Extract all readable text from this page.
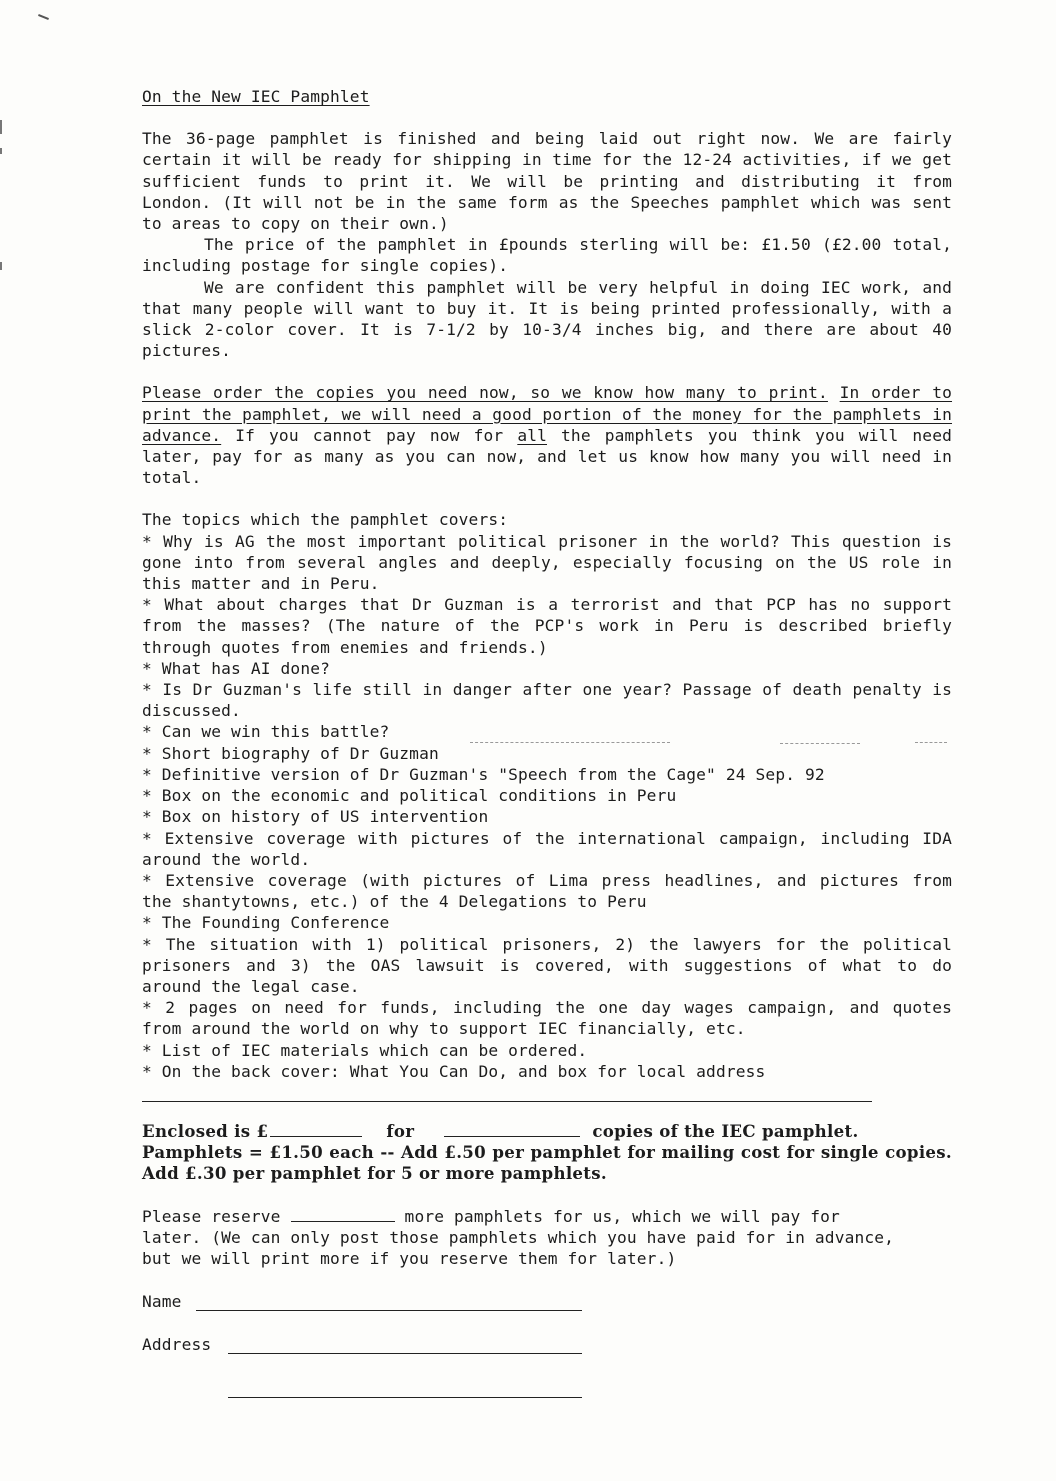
On the New IEC Pamphlet

The 36-page pamphlet is finished and being laid out right now. We are fairly certain it will be ready for shipping in time for the 12-24 activities, if we get sufficient funds to print it. We will be printing and distributing it from London. (It will not be in the same form as the Speeches pamphlet which was sent to areas to copy on their own.)

The price of the pamphlet in £pounds sterling will be: £1.50 (£2.00 total, including postage for single copies).

We are confident this pamphlet will be very helpful in doing IEC work, and that many people will want to buy it. It is being printed professionally, with a slick 2-color cover. It is 7-1/2 by 10-3/4 inches big, and there are about 40 pictures.

Please order the copies you need now, so we know how many to print. In order to print the pamphlet, we will need a good portion of the money for the pamphlets in advance. If you cannot pay now for all the pamphlets you think you will need later, pay for as many as you can now, and let us know how many you will need in total.

The topics which the pamphlet covers:

* Why is AG the most important political prisoner in the world? This question is gone into from several angles and deeply, especially focusing on the US role in this matter and in Peru.

* What about charges that Dr Guzman is a terrorist and that PCP has no support from the masses? (The nature of the PCP's work in Peru is described briefly through quotes from enemies and friends.)

* What has AI done?

* Is Dr Guzman's life still in danger after one year? Passage of death penalty is discussed.

* Can we win this battle?

* Short biography of Dr Guzman

* Definitive version of Dr Guzman's "Speech from the Cage" 24 Sep. 92

* Box on the economic and political conditions in Peru

* Box on history of US intervention

* Extensive coverage with pictures of the international campaign, including IDA around the world.

* Extensive coverage (with pictures of Lima press headlines, and pictures from the shantytowns, etc.) of the 4 Delegations to Peru

* The Founding Conference

* The situation with 1) political prisoners, 2) the lawyers for the political prisoners and 3) the OAS lawsuit is covered, with suggestions of what to do around the legal case.

* 2 pages on need for funds, including the one day wages campaign, and quotes from around the world on why to support IEC financially, etc.

* List of IEC materials which can be ordered.

* On the back cover: What You Can Do, and box for local address

Enclosed is £	for	copies of the IEC pamphlet.

Pamphlets = £1.50 each -- Add £.50 per pamphlet for mailing cost for single copies. Add £.30 per pamphlet for 5 or more pamphlets.

Please reserve	more pamphlets for us, which we will pay for later. (We can only post those pamphlets which you have paid for in advance, but we will print more if you reserve them for later.)

Name
Address
